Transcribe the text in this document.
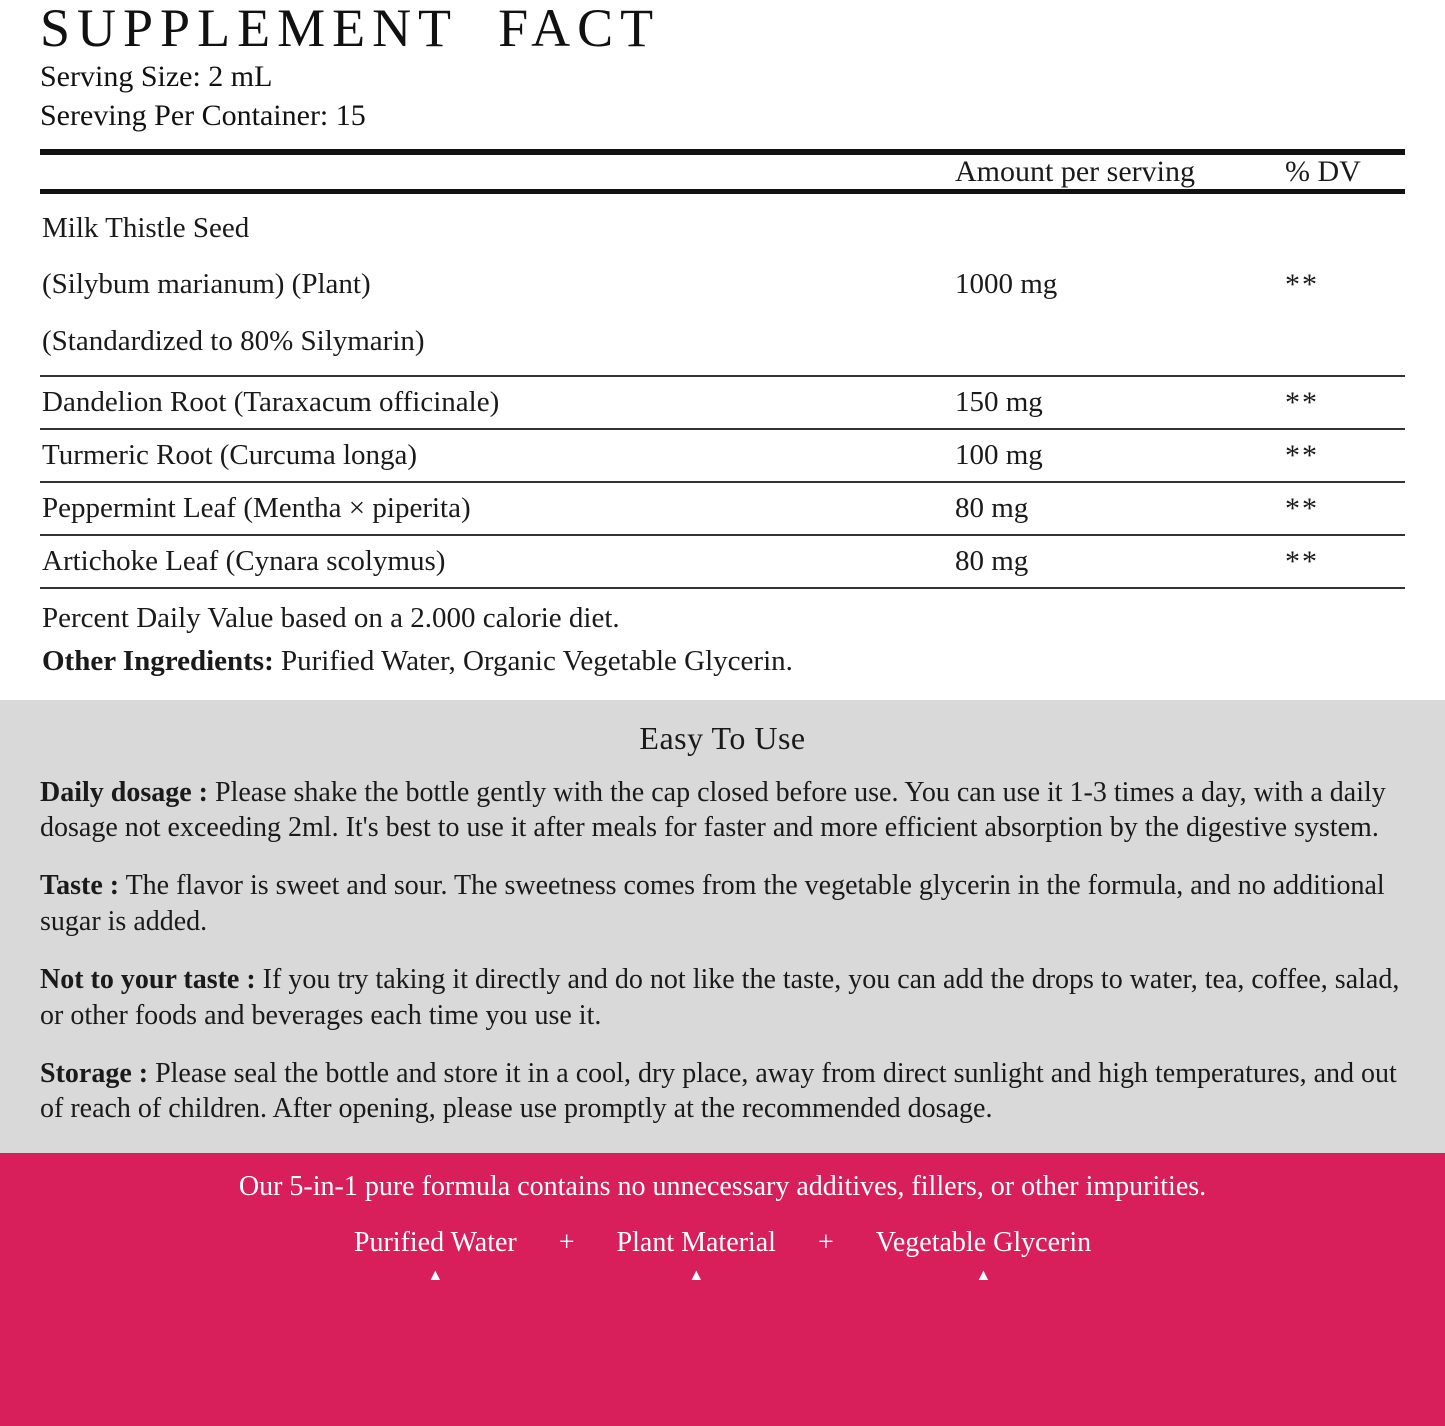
SUPPLEMENT  FACT
Serving Size: 2 mL
Sereving Per Container: 15
	Amount per serving	% DV
Milk Thistle Seed
(Silybum marianum) (Plant)
(Standardized to 80% Silymarin)	1000 mg	**
Dandelion Root (Taraxacum officinale)	150 mg	**
Turmeric Root (Curcuma longa)	100 mg	**
Peppermint Leaf (Mentha × piperita)	80 mg	**
Artichoke Leaf (Cynara scolymus)	80 mg	**
Percent Daily Value based on a 2.000 calorie diet.
Other Ingredients: Purified Water, Organic Vegetable Glycerin.
Easy To Use

Daily dosage : Please shake the bottle gently with the cap closed before use. You can use it 1-3 times a day, with a daily dosage not exceeding 2ml. It's best to use it after meals for faster and more efficient absorption by the digestive system.

Taste : The flavor is sweet and sour. The sweetness comes from the vegetable glycerin in the formula, and no additional sugar is added.

Not to your taste : If you try taking it directly and do not like the taste, you can add the drops to water, tea, coffee, salad, or other foods and beverages each time you use it.

Storage : Please seal the bottle and store it in a cool, dry place, away from direct sunlight and high temperatures, and out of reach of children. After opening, please use promptly at the recommended dosage.

Our 5-in-1 pure formula contains no unnecessary additives, fillers, or other impurities.

Purified Water
▲
+ Plant Material
▲
+ Vegetable Glycerin
▲
